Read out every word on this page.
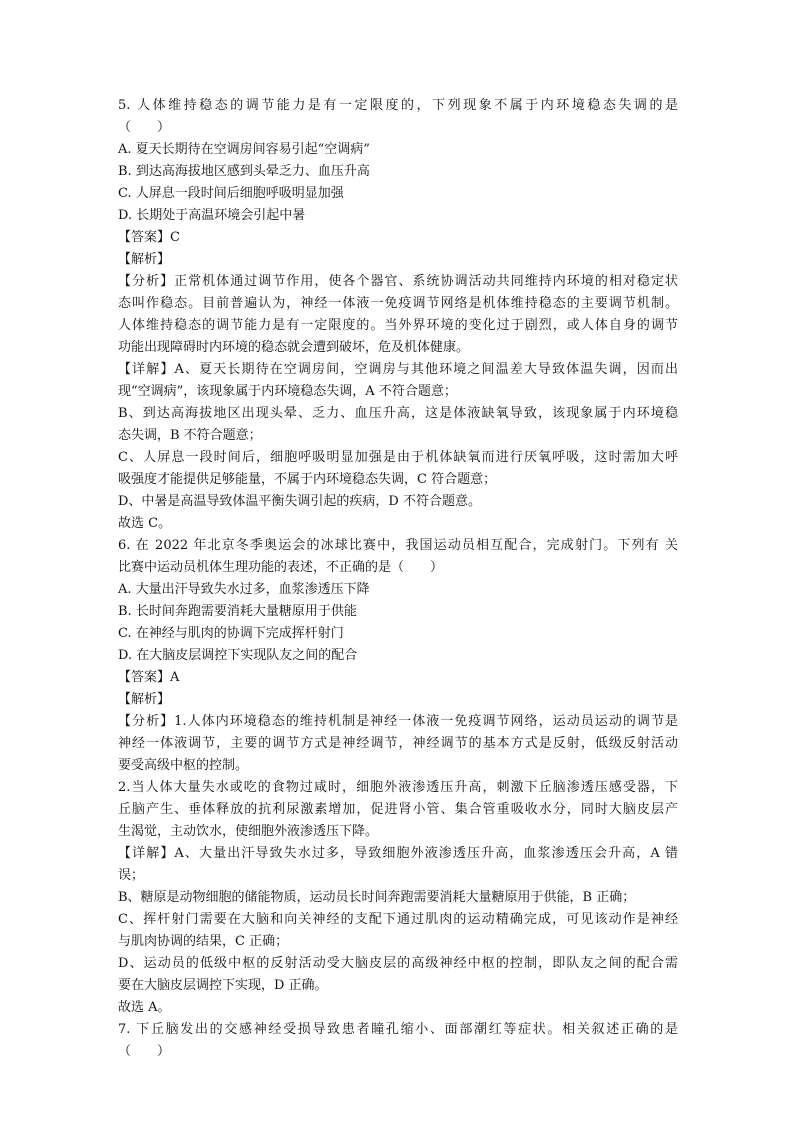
5. 人体维持稳态的调节能力是有一定限度的，下列现象不属于内环境稳态失调的是
（　　）
A. 夏天长期待在空调房间容易引起“空调病”
B. 到达高海拔地区感到头晕乏力、血压升高
C. 人屏息一段时间后细胞呼吸明显加强
D. 长期处于高温环境会引起中暑
【答案】C
【解析】
【分析】正常机体通过调节作用，使各个器官、系统协调活动共同维持内环境的相对稳定状
态叫作稳态。目前普遍认为，神经一体液一免疫调节网络是机体维持稳态的主要调节机制。
人体维持稳态的调节能力是有一定限度的。当外界环境的变化过于剧烈，或人体自身的调节
功能出现障碍时内环境的稳态就会遭到破坏，危及机体健康。
【详解】A、夏天长期待在空调房间，空调房与其他环境之间温差大导致体温失调，因而出
现“空调病”，该现象属于内环境稳态失调，A 不符合题意；
B、到达高海拔地区出现头晕、乏力、血压升高，这是体液缺氧导致，该现象属于内环境稳
态失调，B 不符合题意；
C、人屏息一段时间后，细胞呼吸明显加强是由于机体缺氧而进行厌氧呼吸，这时需加大呼
吸强度才能提供足够能量，不属于内环境稳态失调，C 符合题意；
D、中暑是高温导致体温平衡失调引起的疾病，D 不符合题意。
故选 C。
6. 在 2022 年北京冬季奥运会的冰球比赛中，我国运动员相互配合，完成射门。下列有 关
比赛中运动员机体生理功能的表述，不正确的是（　　）
A. 大量出汗导致失水过多，血浆渗透压下降
B. 长时间奔跑需要消耗大量糖原用于供能
C. 在神经与肌肉的协调下完成挥杆射门
D. 在大脑皮层调控下实现队友之间的配合
【答案】A
【解析】
【分析】1.人体内环境稳态的维持机制是神经一体液一免疫调节网络，运动员运动的调节是
神经一体液调节，主要的调节方式是神经调节，神经调节的基本方式是反射，低级反射活动
要受高级中枢的控制。
2.当人体大量失水或吃的食物过咸时，细胞外液渗透压升高，刺激下丘脑渗透压感受器，下
丘脑产生、垂体释放的抗利尿激素增加，促进肾小管、集合管重吸收水分，同时大脑皮层产
生渴觉，主动饮水，使细胞外液渗透压下降。
【详解】A、大量出汗导致失水过多，导致细胞外液渗透压升高，血浆渗透压会升高，A 错
误；
B、糖原是动物细胞的储能物质，运动员长时间奔跑需要消耗大量糖原用于供能，B 正确；
C、挥杆射门需要在大脑和向关神经的支配下通过肌肉的运动精确完成，可见该动作是神经
与肌肉协调的结果，C 正确；
D、运动员的低级中枢的反射活动受大脑皮层的高级神经中枢的控制，即队友之间的配合需
要在大脑皮层调控下实现，D 正确。
故选 A。
7. 下丘脑发出的交感神经受损导致患者瞳孔缩小、面部潮红等症状。相关叙述正确的是
（　　）
